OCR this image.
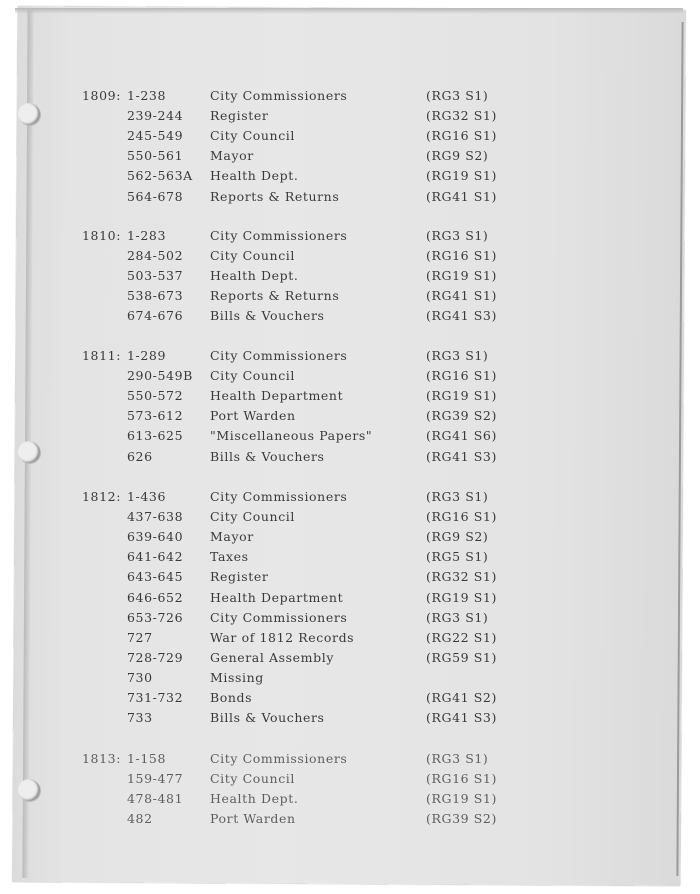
1809: 1-238	City Commissioners	(RG3 S1)
239-244 Register	(RG32 S1)
245-549 City Council	(RG16 S1)
550-561 Mayor	(RG9 S2)
562-563A Health Dept.	(RG19 S1)
564-678 Reports & Returns	(RG41 S1)
1810: 1-283	City Commissioners	(RG3 S1)
284-502 City Council	(RG16 S1)
503-537 Health Dept.	(RG19 S1)
538-673 Reports & Returns	(RG41 S1)
674-676 Bills & Vouchers	(RG41 S3)
1811: 1-289	City Commissioners	(RG3 S1)
290-549B City Council	(RG16 S1)
550-572 Health Department	(RG19 S1)
573-612 Port Warden	(RG39 S2)
613-625 "Miscellaneous Papers"	(RG41 S6)
626	Bills & Vouchers	(RG41 S3)
1812: 1-436	City Commissioners	(RG3 S1)
437-638 City Council	(RG16 S1)
639-640 Mayor	(RG9 S2)
641-642 Taxes	(RG5 S1)
643-645 Register	(RG32 S1)
646-652 Health Department	(RG19 S1)
653-726 City Commissioners	(RG3 S1)
727	War of 1812 Records	(RG22 S1)
728-729 General Assembly	(RG59 S1)
730	Missing
731-732 Bonds	(RG41 S2)
733	Bills & Vouchers	(RG41 S3)
1813: 1-158	City Commissioners	(RG3 S1)
159-477 City Council	(RG16 S1)
478-481 Health Dept.	(RG19 S1)
482	Port Warden	(RG39 S2)
